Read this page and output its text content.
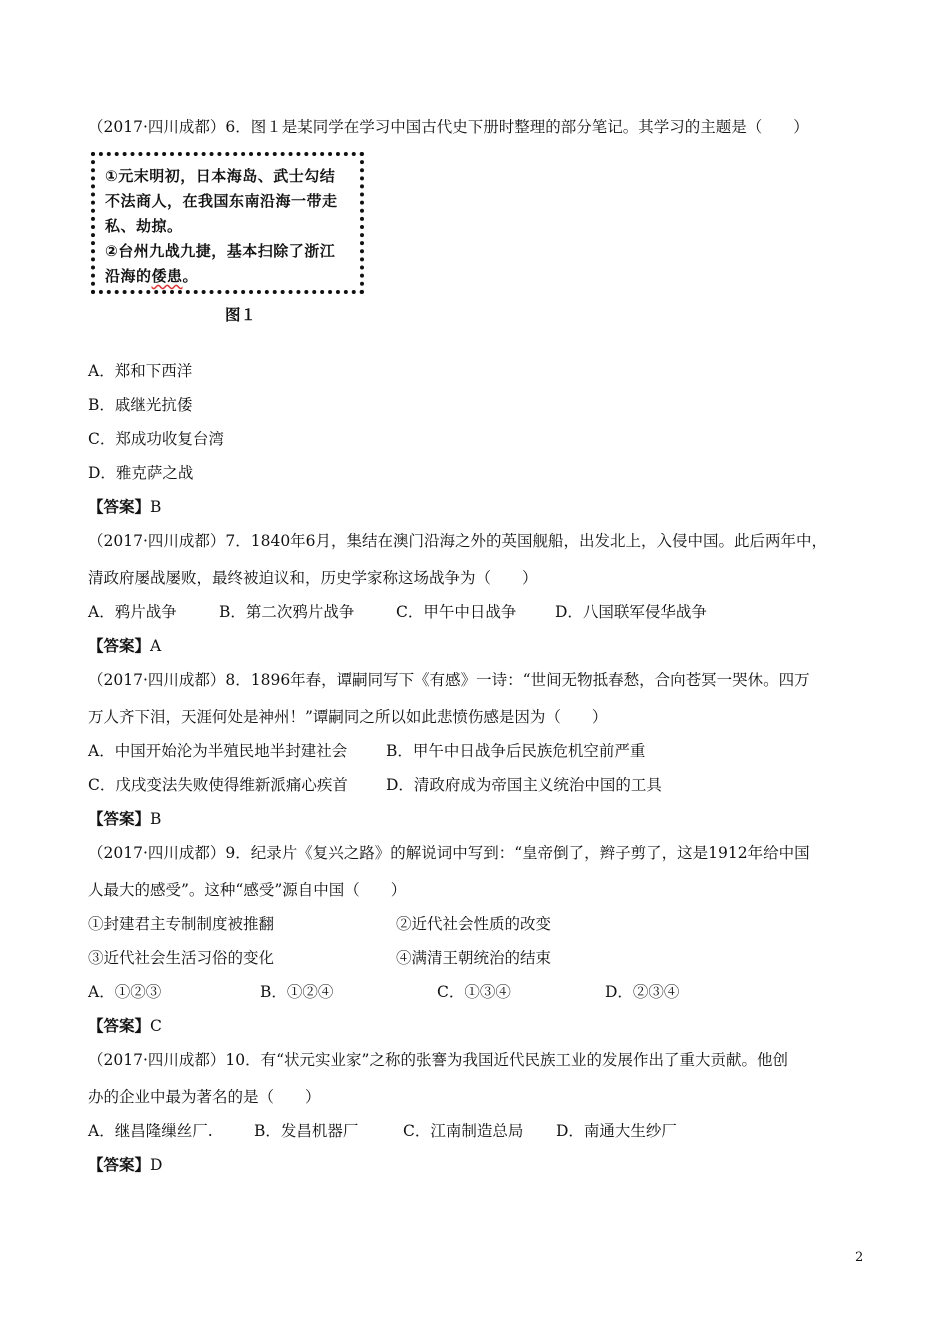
（2017·四川成都）6．图１是某同学在学习中国古代史下册时整理的部分笔记。其学习的主题是（　　）
①元末明初，日本海岛、武士勾结
不法商人，在我国东南沿海一带走
私、劫掠。
②台州九战九捷，基本扫除了浙江
沿海的倭患。
图１
A．郑和下西洋
B．戚继光抗倭
C．郑成功收复台湾
D．雅克萨之战
【答案】B
（2017·四川成都）7．1840年6月，集结在澳门沿海之外的英国舰船，出发北上，入侵中国。此后两年中，
清政府屡战屡败，最终被迫议和，历史学家称这场战争为（　　）
A．鸦片战争	B．第二次鸦片战争	C．甲午中日战争 D．八国联军侵华战争
【答案】A
（2017·四川成都）8．1896年春，谭嗣同写下《有感》一诗：“世间无物抵春愁，合向苍冥一哭休。四万
万人齐下泪，天涯何处是神州！”谭嗣同之所以如此悲愤伤感是因为（　　）
A．中国开始沦为半殖民地半封建社会	B．甲午中日战争后民族危机空前严重
C．戊戌变法失败使得维新派痛心疾首 D．清政府成为帝国主义统治中国的工具
【答案】B
（2017·四川成都）9．纪录片《复兴之路》的解说词中写到：“皇帝倒了，辫子剪了，这是1912年给中国
人最大的感受”。这种“感受”源自中国（　　）
①封建君主专制制度被推翻	②近代社会性质的改变
③近代社会生活习俗的变化	④满清王朝统治的结束
A．①②③	B．①②④	C．①③④	D．②③④
【答案】C
（2017·四川成都）10．有“状元实业家”之称的张謇为我国近代民族工业的发展作出了重大贡献。他创
办的企业中最为著名的是（　　）
A．继昌隆缫丝厂.	B．发昌机器厂	C．江南制造总局 D．南通大生纱厂
【答案】D
2
